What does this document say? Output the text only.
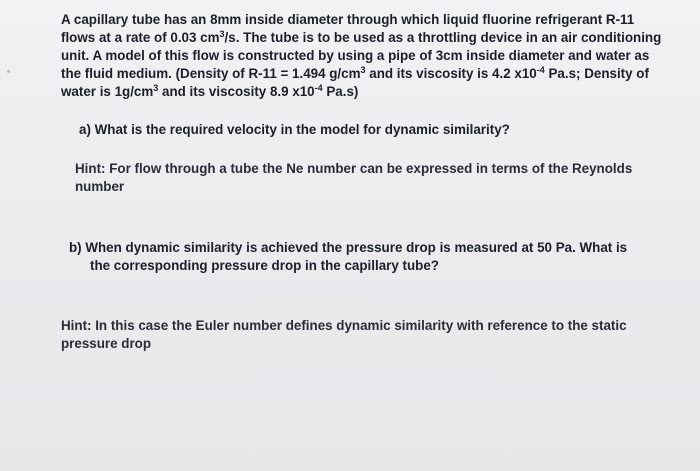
A capillary tube has an 8mm inside diameter through which liquid fluorine refrigerant R-11
flows at a rate of 0.03 $cm^3/s$. The tube is to be used as a throttling device in an air conditioning
unit. A model of this flow is constructed by using a pipe of 3cm inside diameter and water as
the fluid medium. (Density of R-11 = 1.494 $g/cm^3$ and its viscosity is 4.2 $x10^{-4}$ Pa.s; Density of
water is $1g/cm^3$ and its viscosity 8.9 $x10^{-4}$ Pa.s)
a) What is the required velocity in the model for dynamic similarity?
Hint: For flow through a tube the Ne number can be expressed in terms of the Reynolds
number
b) When dynamic similarity is achieved the pressure drop is measured at 50 Pa. What is
the corresponding pressure drop in the capillary tube?
Hint: In this case the Euler number defines dynamic similarity with reference to the static
pressure drop
